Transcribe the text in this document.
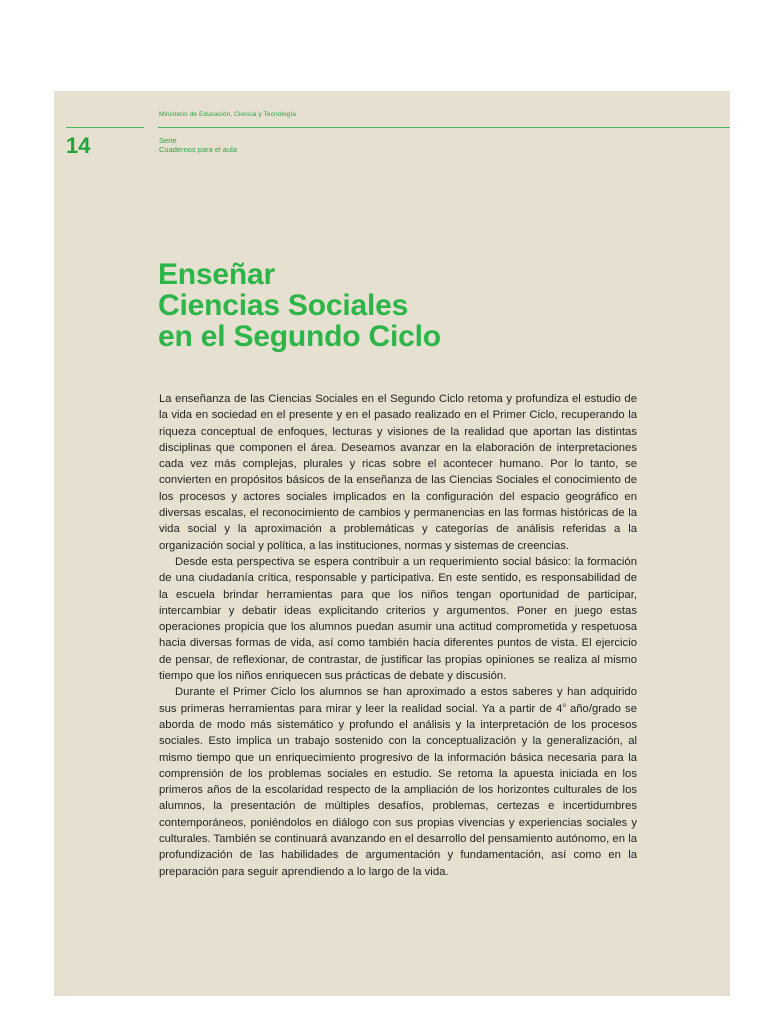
Ministerio de Educación, Ciencia y Tecnología
14	Serie
Cuadernos para el aula
Enseñar
Ciencias Sociales
en el Segundo Ciclo

La enseñanza de las Ciencias Sociales en el Segundo Ciclo retoma y profundiza el estudio de la vida en sociedad en el presente y en el pasado realizado en el Primer Ciclo, recuperando la riqueza conceptual de enfoques, lecturas y visiones de la realidad que aportan las distintas disciplinas que componen el área. Deseamos avanzar en la elaboración de interpretaciones cada vez más complejas, plurales y ricas sobre el acontecer humano. Por lo tanto, se convierten en propósitos básicos de la enseñanza de las Ciencias Sociales el conocimiento de los procesos y actores sociales implicados en la configuración del espacio geográfico en diversas escalas, el reconocimiento de cambios y permanencias en las formas históricas de la vida social y la aproximación a problemáticas y categorías de análisis referidas a la organización social y política, a las instituciones, normas y sistemas de creencias.

Desde esta perspectiva se espera contribuir a un requerimiento social básico: la formación de una ciudadanía crítica, responsable y participativa. En este sentido, es responsabilidad de la escuela brindar herramientas para que los niños tengan oportunidad de participar, intercambiar y debatir ideas explicitando criterios y argumentos. Poner en juego estas operaciones propicia que los alumnos puedan asumir una actitud comprometida y respetuosa hacia diversas formas de vida, así como también hacia diferentes puntos de vista. El ejercicio de pensar, de reflexionar, de contrastar, de justificar las propias opiniones se realiza al mismo tiempo que los niños enriquecen sus prácticas de debate y discusión.

Durante el Primer Ciclo los alumnos se han aproximado a estos saberes y han adquirido sus primeras herramientas para mirar y leer la realidad social. Ya a partir de 4$^o$ año/grado se aborda de modo más sistemático y profundo el análisis y la interpretación de los procesos sociales. Esto implica un trabajo sostenido con la conceptualización y la generalización, al mismo tiempo que un enriquecimiento progresivo de la información básica necesaria para la comprensión de los problemas sociales en estudio. Se retoma la apuesta iniciada en los primeros años de la escolaridad respecto de la ampliación de los horizontes culturales de los alumnos, la presentación de múltiples desafíos, problemas, certezas e incertidumbres contemporáneos, poniéndolos en diálogo con sus propias vivencias y experiencias sociales y culturales. También se continuará avanzando en el desarrollo del pensamiento autónomo, en la profundización de las habilidades de argumentación y fundamentación, así como en la preparación para seguir aprendiendo a lo largo de la vida.
